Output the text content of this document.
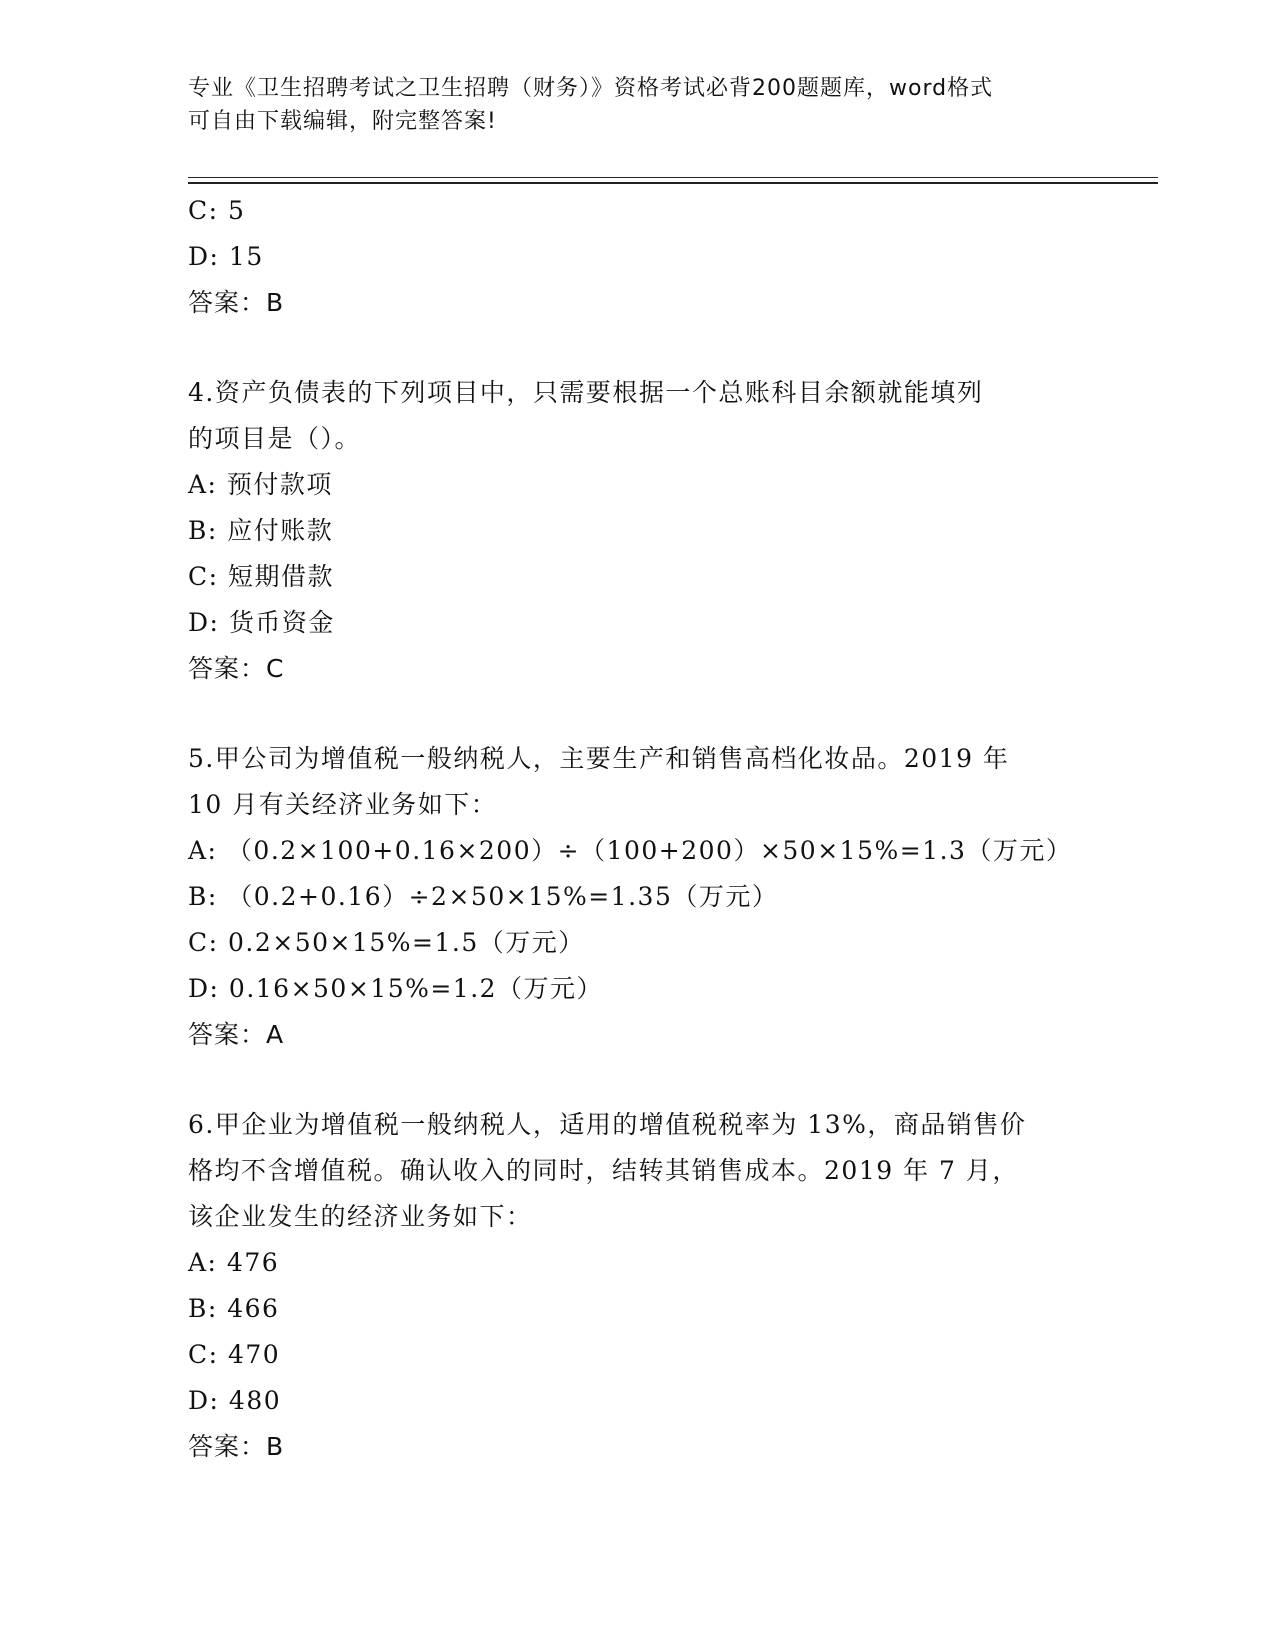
专业《卫生招聘考试之卫生招聘（财务）》资格考试必背200题题库，word格式
可自由下载编辑，附完整答案!
C: 5
D: 15
答案：B
4.资产负债表的下列项目中，只需要根据一个总账科目余额就能填列
的项目是（）。
A: 预付款项
B: 应付账款
C: 短期借款
D: 货币资金
答案：C
5.甲公司为增值税一般纳税人，主要生产和销售高档化妆品。2019 年
10 月有关经济业务如下：
A: （0.2×100+0.16×200）÷（100+200）×50×15%=1.3（万元）
B: （0.2+0.16）÷2×50×15%=1.35（万元）
C: 0.2×50×15%=1.5（万元）
D: 0.16×50×15%=1.2（万元）
答案：A
6.甲企业为增值税一般纳税人，适用的增值税税率为 13%，商品销售价
格均不含增值税。确认收入的同时，结转其销售成本。2019 年 7 月，
该企业发生的经济业务如下：
A: 476
B: 466
C: 470
D: 480
答案：B
